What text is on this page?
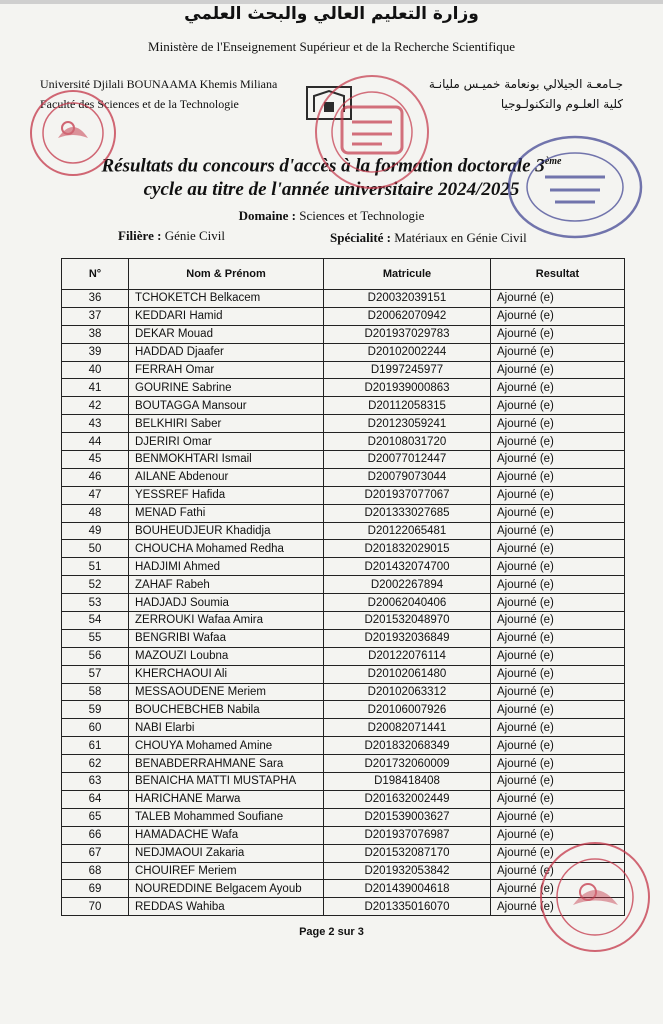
وزارة التعليم العالي والبحث العلمي
Ministère de l'Enseignement Supérieur et de la Recherche Scientifique
Université Djilali BOUNAAMA Khemis Miliana
Faculté des Sciences et de la Technologie
جـامعـة الجيلالي بونعامة خميـس مليانـة
كلية العلـوم والتكنولـوجيا
Résultats du concours d'accès à la formation doctorale 3ème
cycle au titre de l'année universitaire 2024/2025
Domaine : Sciences et Technologie
Filière : Génie Civil	Spécialité : Matériaux en Génie Civil
N°	Nom & Prénom	Matricule	Resultat
36	TCHOKETCH Belkacem	D20032039151	Ajourné (e)
37	KEDDARI Hamid	D20062070942	Ajourné (e)
38	DEKAR Mouad	D201937029783	Ajourné (e)
39	HADDAD Djaafer	D20102002244	Ajourné (e)
40	FERRAH Omar	D1997245977	Ajourné (e)
41	GOURINE Sabrine	D201939000863	Ajourné (e)
42	BOUTAGGA Mansour	D20112058315	Ajourné (e)
43	BELKHIRI Saber	D20123059241	Ajourné (e)
44	DJERIRI Omar	D20108031720	Ajourné (e)
45	BENMOKHTARI Ismail	D20077012447	Ajourné (e)
46	AILANE Abdenour	D20079073044	Ajourné (e)
47	YESSREF Hafida	D201937077067	Ajourné (e)
48	MENAD Fathi	D201333027685	Ajourné (e)
49	BOUHEUDJEUR Khadidja	D20122065481	Ajourné (e)
50	CHOUCHA Mohamed Redha	D201832029015	Ajourné (e)
51	HADJIMI Ahmed	D201432074700	Ajourné (e)
52	ZAHAF Rabeh	D2002267894	Ajourné (e)
53	HADJADJ Soumia	D20062040406	Ajourné (e)
54	ZERROUKI Wafaa Amira	D201532048970	Ajourné (e)
55	BENGRIBI Wafaa	D201932036849	Ajourné (e)
56	MAZOUZI Loubna	D20122076114	Ajourné (e)
57	KHERCHAOUI Ali	D20102061480	Ajourné (e)
58	MESSAOUDENE Meriem	D20102063312	Ajourné (e)
59	BOUCHEBCHEB Nabila	D20106007926	Ajourné (e)
60	NABI Elarbi	D20082071441	Ajourné (e)
61	CHOUYA Mohamed Amine	D201832068349	Ajourné (e)
62	BENABDERRAHMANE Sara	D201732060009	Ajourné (e)
63	BENAICHA MATTI MUSTAPHA	D198418408	Ajourné (e)
64	HARICHANE Marwa	D201632002449	Ajourné (e)
65	TALEB Mohammed Soufiane	D201539003627	Ajourné (e)
66	HAMADACHE Wafa	D201937076987	Ajourné (e)
67	NEDJMAOUI Zakaria	D201532087170	Ajourné (e)
68	CHOUIREF Meriem	D201932053842	Ajourné (e)
69	NOUREDDINE Belgacem Ayoub	D201439004618	Ajourné (e)
70	REDDAS Wahiba	D201335016070	Ajourné (e)
Page 2 sur 3
